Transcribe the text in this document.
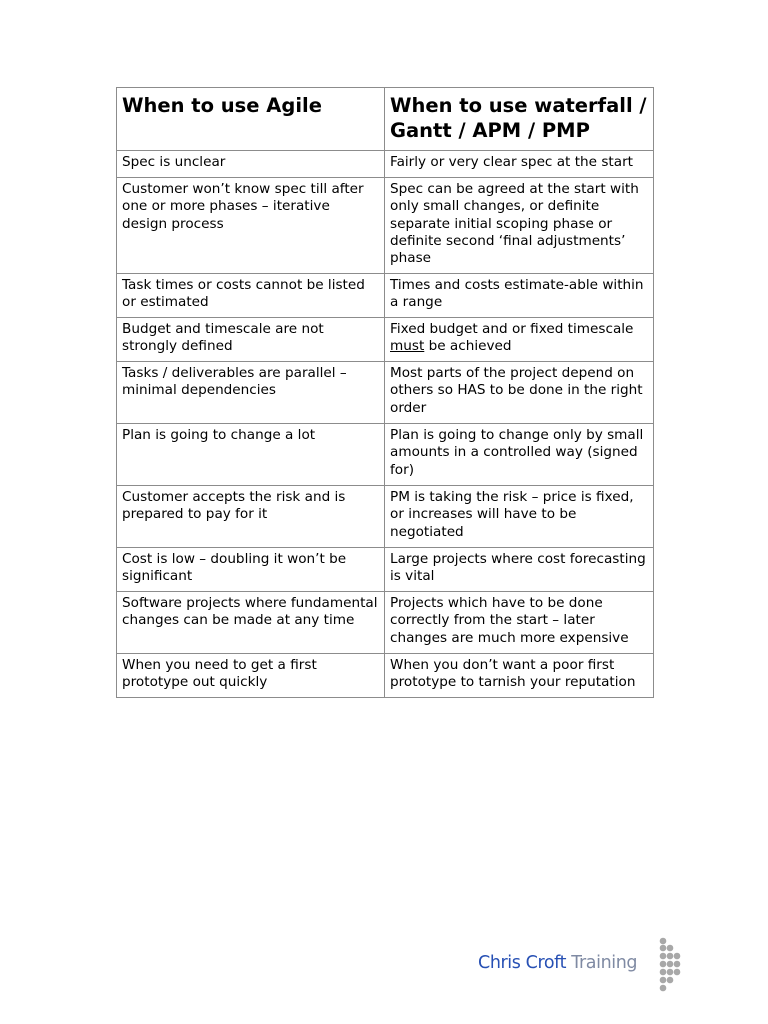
When to use Agile	When to use waterfall / Gantt / APM / PMP
Spec is unclear	Fairly or very clear spec at the start
Customer won’t know spec till after one or more phases – iterative design process	Spec can be agreed at the start with only small changes, or definite separate initial scoping phase or definite second ‘final adjustments’ phase
Task times or costs cannot be listed or estimated	Times and costs estimate-able within a range
Budget and timescale are not strongly defined	Fixed budget and or fixed timescale must be achieved
Tasks / deliverables are parallel – minimal dependencies	Most parts of the project depend on others so HAS to be done in the right order
Plan is going to change a lot	Plan is going to change only by small amounts in a controlled way (signed for)
Customer accepts the risk and is prepared to pay for it	PM is taking the risk – price is fixed, or increases will have to be negotiated
Cost is low – doubling it won’t be significant	Large projects where cost forecasting is vital
Software projects where fundamental changes can be made at any time	Projects which have to be done correctly from the start – later changes are much more expensive
When you need to get a first prototype out quickly	When you don’t want a poor first prototype to tarnish your reputation
Chris Croft Training
